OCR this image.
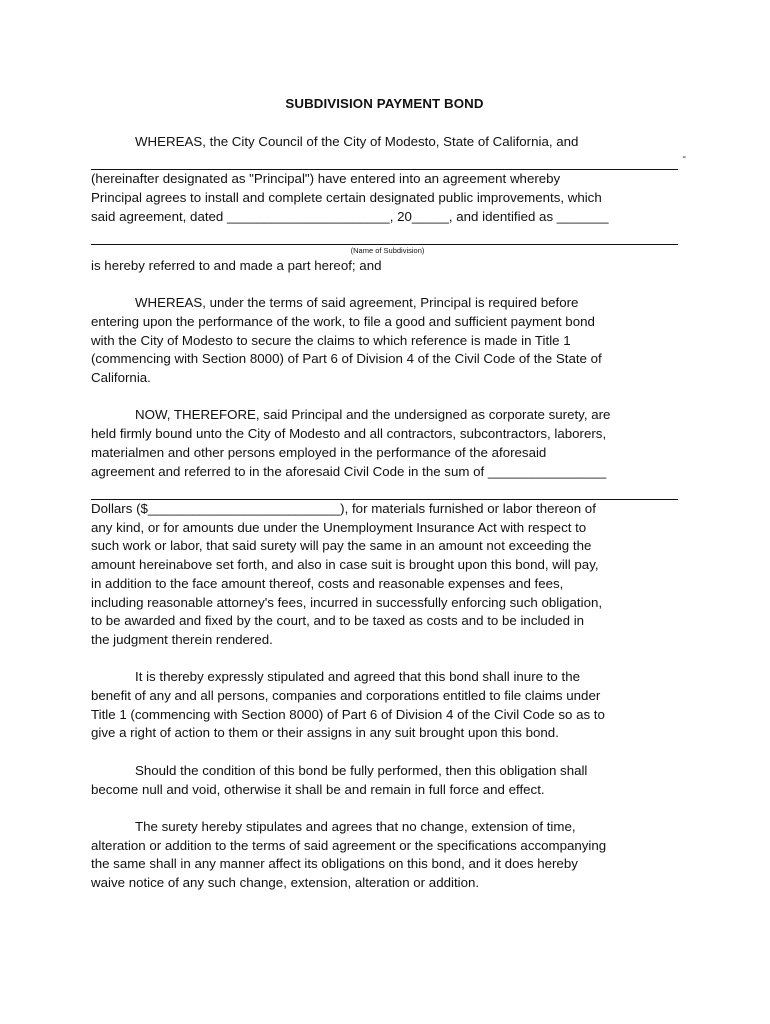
SUBDIVISION PAYMENT BOND

WHEREAS, the City Council of the City of Modesto, State of California, and

-

(hereinafter designated as "Principal") have entered into an agreement whereby

Principal agrees to install and complete certain designated public improvements, which

said agreement, dated ______________________, 20_____, and identified as _______

(Name of Subdivision)

is hereby referred to and made a part hereof; and

WHEREAS, under the terms of said agreement, Principal is required before

entering upon the performance of the work, to file a good and sufficient payment bond

with the City of Modesto to secure the claims to which reference is made in Title 1

(commencing with Section 8000) of Part 6 of Division 4 of the Civil Code of the State of

California.

NOW, THEREFORE, said Principal and the undersigned as corporate surety, are

held firmly bound unto the City of Modesto and all contractors, subcontractors, laborers,

materialmen and other persons employed in the performance of the aforesaid

agreement and referred to in the aforesaid Civil Code in the sum of ________________

Dollars ($__________________________), for materials furnished or labor thereon of

any kind, or for amounts due under the Unemployment Insurance Act with respect to

such work or labor, that said surety will pay the same in an amount not exceeding the

amount hereinabove set forth, and also in case suit is brought upon this bond, will pay,

in addition to the face amount thereof, costs and reasonable expenses and fees,

including reasonable attorney's fees, incurred in successfully enforcing such obligation,

to be awarded and fixed by the court, and to be taxed as costs and to be included in

the judgment therein rendered.

It is thereby expressly stipulated and agreed that this bond shall inure to the

benefit of any and all persons, companies and corporations entitled to file claims under

Title 1 (commencing with Section 8000) of Part 6 of Division 4 of the Civil Code so as to

give a right of action to them or their assigns in any suit brought upon this bond.

Should the condition of this bond be fully performed, then this obligation shall

become null and void, otherwise it shall be and remain in full force and effect.

The surety hereby stipulates and agrees that no change, extension of time,

alteration or addition to the terms of said agreement or the specifications accompanying

the same shall in any manner affect its obligations on this bond, and it does hereby

waive notice of any such change, extension, alteration or addition.
